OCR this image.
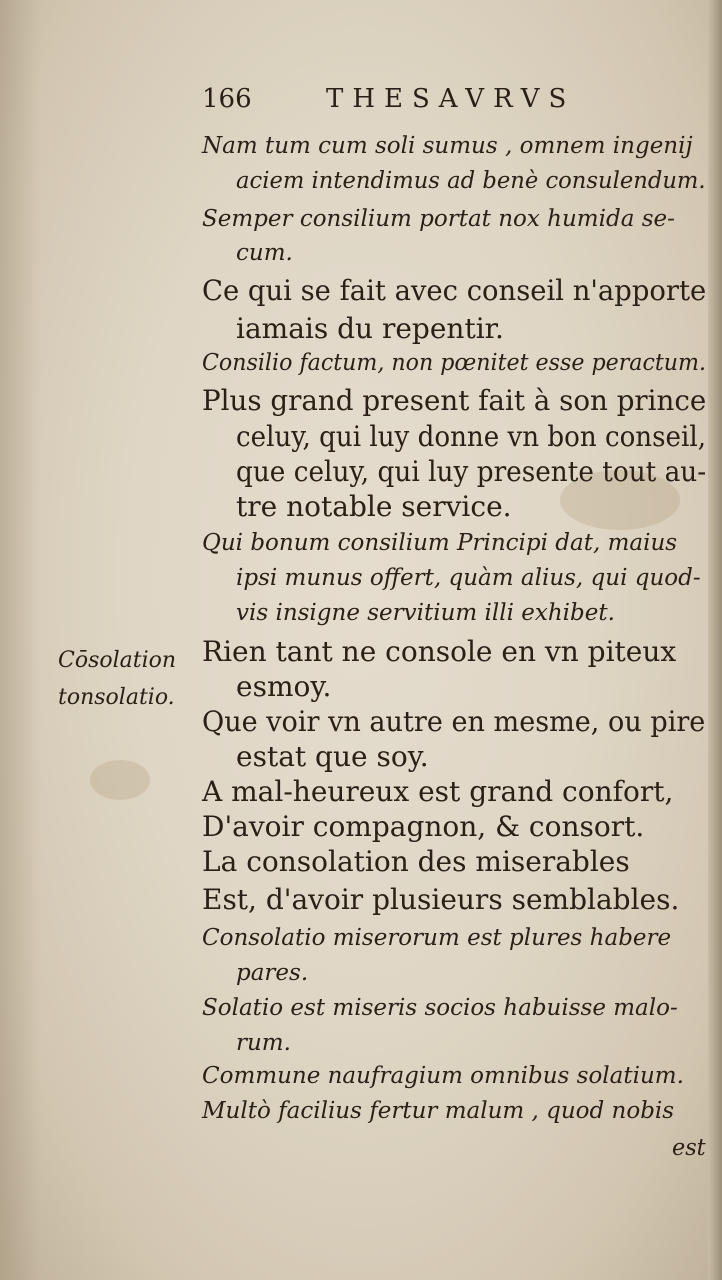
166	THESAVRVS
Cōsolation
tonsolatio.
Nam tum cum soli sumus , omnem ingenij
aciem intendimus ad benè consulendum.
Semper consilium portat nox humida se-
cum.
Ce qui se fait avec conseil n'apporte
iamais du repentir.
Consilio factum, non pœnitet esse peractum.
Plus grand present fait à son prince
celuy, qui luy donne vn bon conseil,
que celuy, qui luy presente tout au-
tre notable service.
Qui bonum consilium Principi dat, maius
ipsi munus offert, quàm alius, qui quod-
vis insigne servitium illi exhibet.
Rien tant ne console en vn piteux
esmoy.
Que voir vn autre en mesme, ou pire
estat que soy.
A mal-heureux est grand confort,
D'avoir compagnon, & consort.
La consolation des miserables
Est, d'avoir plusieurs semblables.
Consolatio miserorum est plures habere
pares.
Solatio est miseris socios habuisse malo-
rum.
Commune naufragium omnibus solatium.
Multò facilius fertur malum , quod nobis
est
